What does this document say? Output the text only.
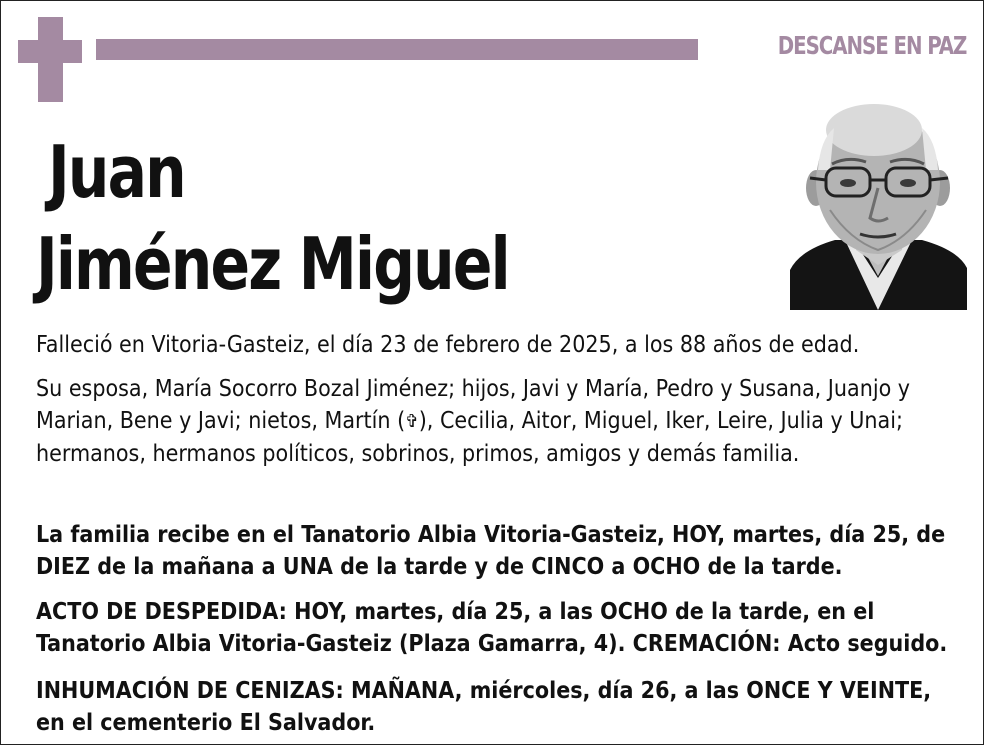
DESCANSE EN PAZ
Juan
Jiménez Miguel
Falleció en Vitoria-Gasteiz, el día 23 de febrero de 2025, a los 88 años de edad.
Su esposa, María Socorro Bozal Jiménez; hijos, Javi y María, Pedro y Susana, Juanjo y Marian, Bene y Javi; nietos, Martín (✞), Cecilia, Aitor, Miguel, Iker, Leire, Julia y Unai; hermanos, hermanos políticos, sobrinos, primos, amigos y demás familia.
La familia recibe en el Tanatorio Albia Vitoria-Gasteiz, HOY, martes, día 25, de DIEZ de la mañana a UNA de la tarde y de CINCO a OCHO de la tarde.
ACTO DE DESPEDIDA: HOY, martes, día 25, a las OCHO de la tarde, en el Tanatorio Albia Vitoria-Gasteiz (Plaza Gamarra, 4). CREMACIÓN: Acto seguido.
INHUMACIÓN DE CENIZAS: MAÑANA, miércoles, día 26, a las ONCE Y VEINTE, en el cementerio El Salvador.
